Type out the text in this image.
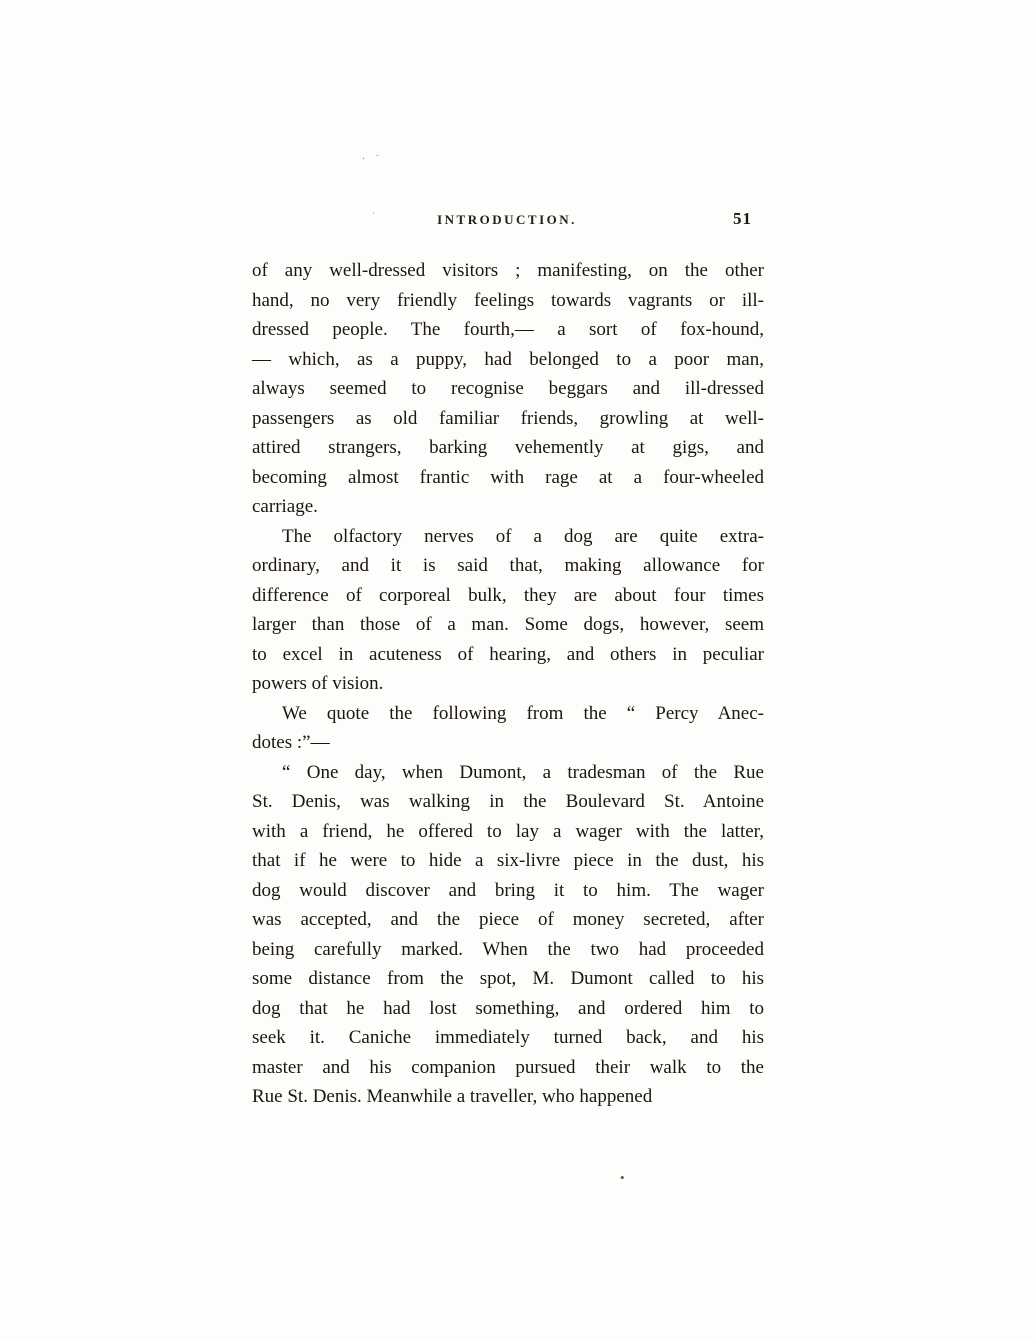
. ·
·	INTRODUCTION.	51
of any well-dressed visitors ; manifesting, on the other
hand, no very friendly feelings towards vagrants or ill-
dressed people. The fourth,— a sort of fox-hound,
— which, as a puppy, had belonged to a poor man,
always seemed to recognise beggars and ill-dressed
passengers as old familiar friends, growling at well-
attired strangers, barking vehemently at gigs, and
becoming almost frantic with rage at a four-wheeled
carriage.
The olfactory nerves of a dog are quite extra-
ordinary, and it is said that, making allowance for
difference of corporeal bulk, they are about four times
larger than those of a man. Some dogs, however, seem
to excel in acuteness of hearing, and others in peculiar
powers of vision.
We quote the following from the “ Percy Anec-
dotes :”—
“ One day, when Dumont, a tradesman of the Rue
St. Denis, was walking in the Boulevard St. Antoine
with a friend, he offered to lay a wager with the latter,
that if he were to hide a six-livre piece in the dust, his
dog would discover and bring it to him. The wager
was accepted, and the piece of money secreted, after
being carefully marked. When the two had proceeded
some distance from the spot, M. Dumont called to his
dog that he had lost something, and ordered him to
seek it. Caniche immediately turned back, and his
master and his companion pursued their walk to the
Rue St. Denis. Meanwhile a traveller, who happened
•
